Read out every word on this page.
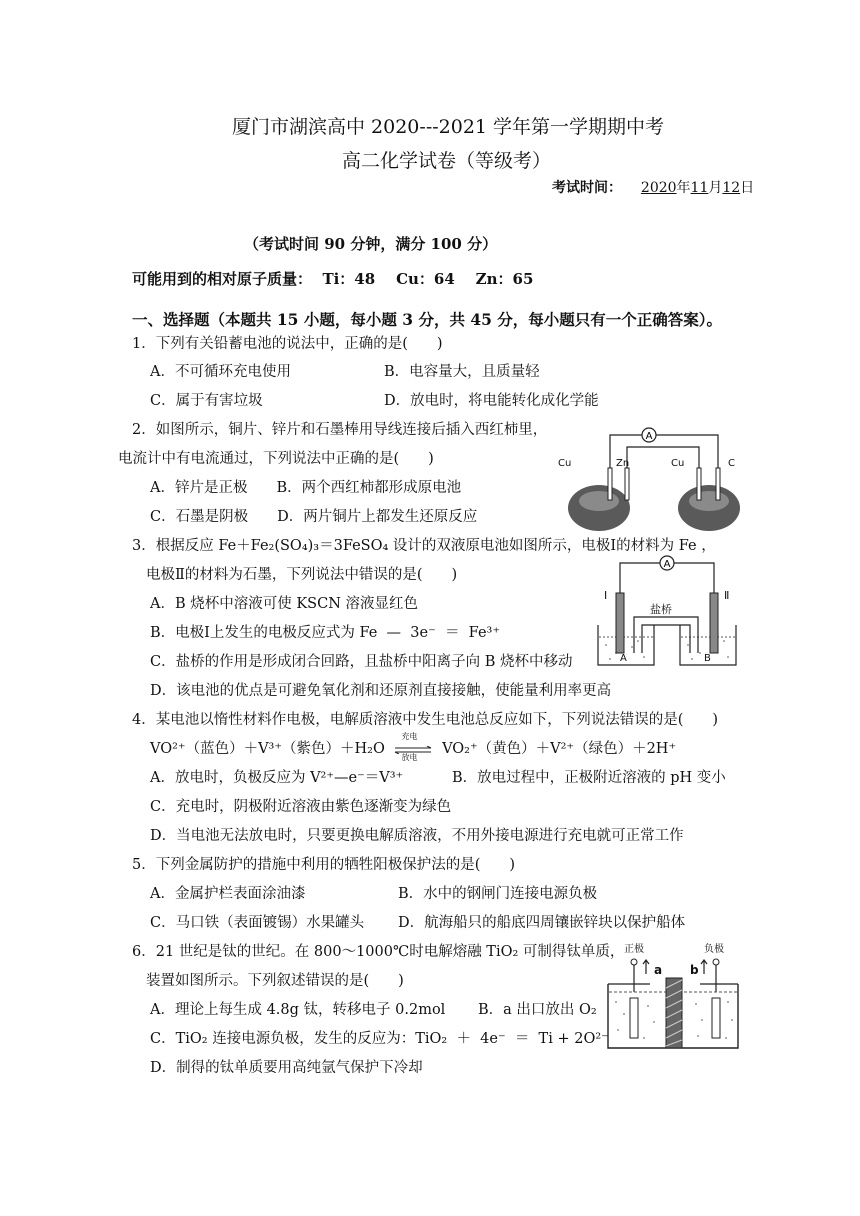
厦门市湖滨高中 2020---2021 学年第一学期期中考
高二化学试卷（等级考）
考试时间： 2020年11月12日
（考试时间 90 分钟，满分 100 分）
可能用到的相对原子质量：  Ti：48    Cu：64    Zn：65
一、选择题（本题共 15 小题，每小题 3 分，共 45 分，每小题只有一个正确答案）。
1．下列有关铅蓄电池的说法中，正确的是(　　)
A．不可循环充电使用	B．电容量大，且质量轻
C．属于有害垃圾	D．放电时，将电能转化成化学能
2．如图所示，铜片、锌片和石墨棒用导线连接后插入西红柿里，
电流计中有电流通过，下列说法中正确的是(　　)
A．锌片是正极　　B．两个西红柿都形成原电池
C．石墨是阴极　　D．两片铜片上都发生还原反应
A
Cu	Zn	Cu	C
3．根据反应 Fe＋Fe₂(SO₄)₃＝3FeSO₄ 设计的双液原电池如图所示，电极Ⅰ的材料为 Fe ，
电极Ⅱ的材料为石墨，下列说法中错误的是(　　)
A．B 烧杯中溶液可使 KSCN 溶液显红色
B．电极Ⅰ上发生的电极反应式为 Fe  —  3e⁻  ＝  Fe³⁺
C．盐桥的作用是形成闭合回路，且盐桥中阳离子向 B 烧杯中移动
D．该电池的优点是可避免氧化剂和还原剂直接接触，使能量利用率更高
A
Ⅰ	Ⅱ
盐桥
A	B
4．某电池以惰性材料作电极，电解质溶液中发生电池总反应如下，下列说法错误的是(　　)
VO²⁺（蓝色）＋V³⁺（紫色）＋H₂O
充电
放电
VO₂⁺（黄色）＋V²⁺（绿色）＋2H⁺
A．放电时，负极反应为 V²⁺—e⁻＝V³⁺	B．放电过程中，正极附近溶液的 pH 变小
C．充电时，阴极附近溶液由紫色逐渐变为绿色
D．当电池无法放电时，只要更换电解质溶液，不用外接电源进行充电就可正常工作
5．下列金属防护的措施中利用的牺牲阳极保护法的是(　　)
A．金属护栏表面涂油漆	B．水中的钢闸门连接电源负极
C．马口铁（表面镀锡）水果罐头 D．航海船只的船底四周镶嵌锌块以保护船体
6．21 世纪是钛的世纪。在 800～1000℃时电解熔融 TiO₂ 可制得钛单质，
装置如图所示。下列叙述错误的是(　　)
A．理论上每生成 4.8g 钛，转移电子 0.2mol B．a 出口放出 O₂
C．TiO₂ 连接电源负极，发生的反应为：TiO₂  ＋  4e⁻  ＝  Ti + 2O²⁻
D．制得的钛单质要用高纯氩气保护下冷却
正极	负极
a b
